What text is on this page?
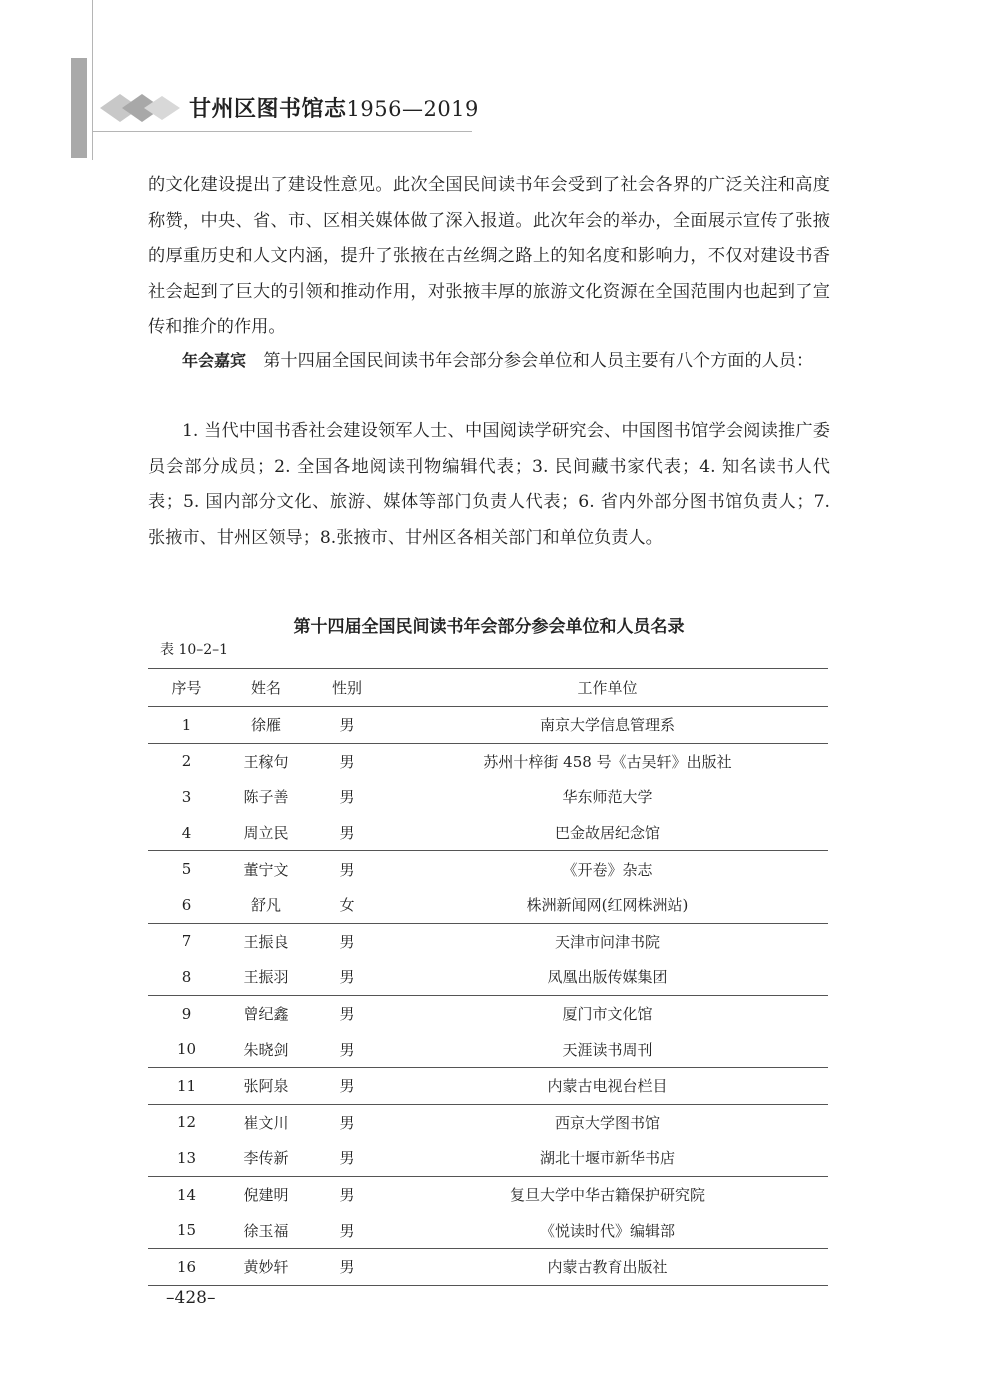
甘州区图书馆志1956—2019
的文化建设提出了建设性意见。此次全国民间读书年会受到了社会各界的广泛关注和高度称赞，中央、省、市、区相关媒体做了深入报道。此次年会的举办，全面展示宣传了张掖的厚重历史和人文内涵，提升了张掖在古丝绸之路上的知名度和影响力，不仅对建设书香社会起到了巨大的引领和推动作用，对张掖丰厚的旅游文化资源在全国范围内也起到了宣传和推介的作用。
年会嘉宾　第十四届全国民间读书年会部分参会单位和人员主要有八个方面的人员：
1. 当代中国书香社会建设领军人士、中国阅读学研究会、中国图书馆学会阅读推广委员会部分成员；2. 全国各地阅读刊物编辑代表；3. 民间藏书家代表；4. 知名读书人代表；5. 国内部分文化、旅游、媒体等部门负责人代表；6. 省内外部分图书馆负责人；7. 张掖市、甘州区领导；8.张掖市、甘州区各相关部门和单位负责人。
第十四届全国民间读书年会部分参会单位和人员名录
表 10–2–1
序号	姓名	性别	工作单位
1	徐雁	男	南京大学信息管理系
2	王稼句	男	苏州十梓街 458 号《古吴轩》出版社
3	陈子善	男	华东师范大学
4	周立民	男	巴金故居纪念馆
5	董宁文	男	《开卷》杂志
6	舒凡	女	株洲新闻网(红网株洲站)
7	王振良	男	天津市问津书院
8	王振羽	男	凤凰出版传媒集团
9	曾纪鑫	男	厦门市文化馆
10	朱晓剑	男	天涯读书周刊
11	张阿泉	男	内蒙古电视台栏目
12	崔文川	男	西京大学图书馆
13	李传新	男	湖北十堰市新华书店
14	倪建明	男	复旦大学中华古籍保护研究院
15	徐玉福	男	《悦读时代》编辑部
16	黄妙轩	男	内蒙古教育出版社
–428–
